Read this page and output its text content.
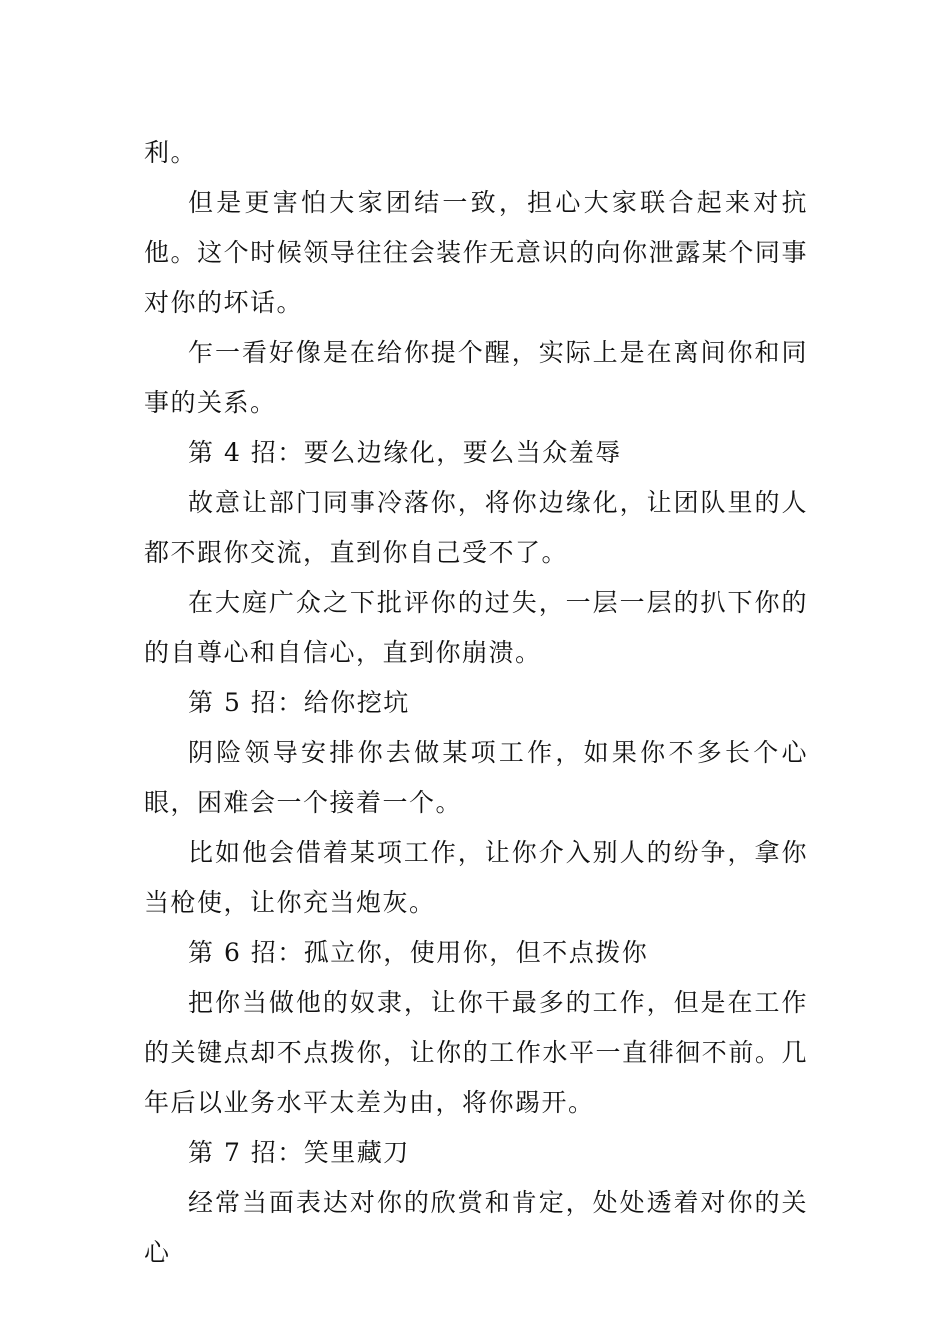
利。

但是更害怕大家团结一致，担心大家联合起来对抗他。这个时候领导往往会装作无意识的向你泄露某个同事对你的坏话。

乍一看好像是在给你提个醒，实际上是在离间你和同事的关系。

第 4 招：要么边缘化，要么当众羞辱

故意让部门同事冷落你，将你边缘化，让团队里的人都不跟你交流，直到你自己受不了。

在大庭广众之下批评你的过失，一层一层的扒下你的的自尊心和自信心，直到你崩溃。

第 5 招：给你挖坑

阴险领导安排你去做某项工作，如果你不多长个心眼，困难会一个接着一个。

比如他会借着某项工作，让你介入别人的纷争，拿你当枪使，让你充当炮灰。

第 6 招：孤立你，使用你，但不点拨你

把你当做他的奴隶，让你干最多的工作，但是在工作的关键点却不点拨你，让你的工作水平一直徘徊不前。几年后以业务水平太差为由，将你踢开。

第 7 招：笑里藏刀

经常当面表达对你的欣赏和肯定，处处透着对你的关心
